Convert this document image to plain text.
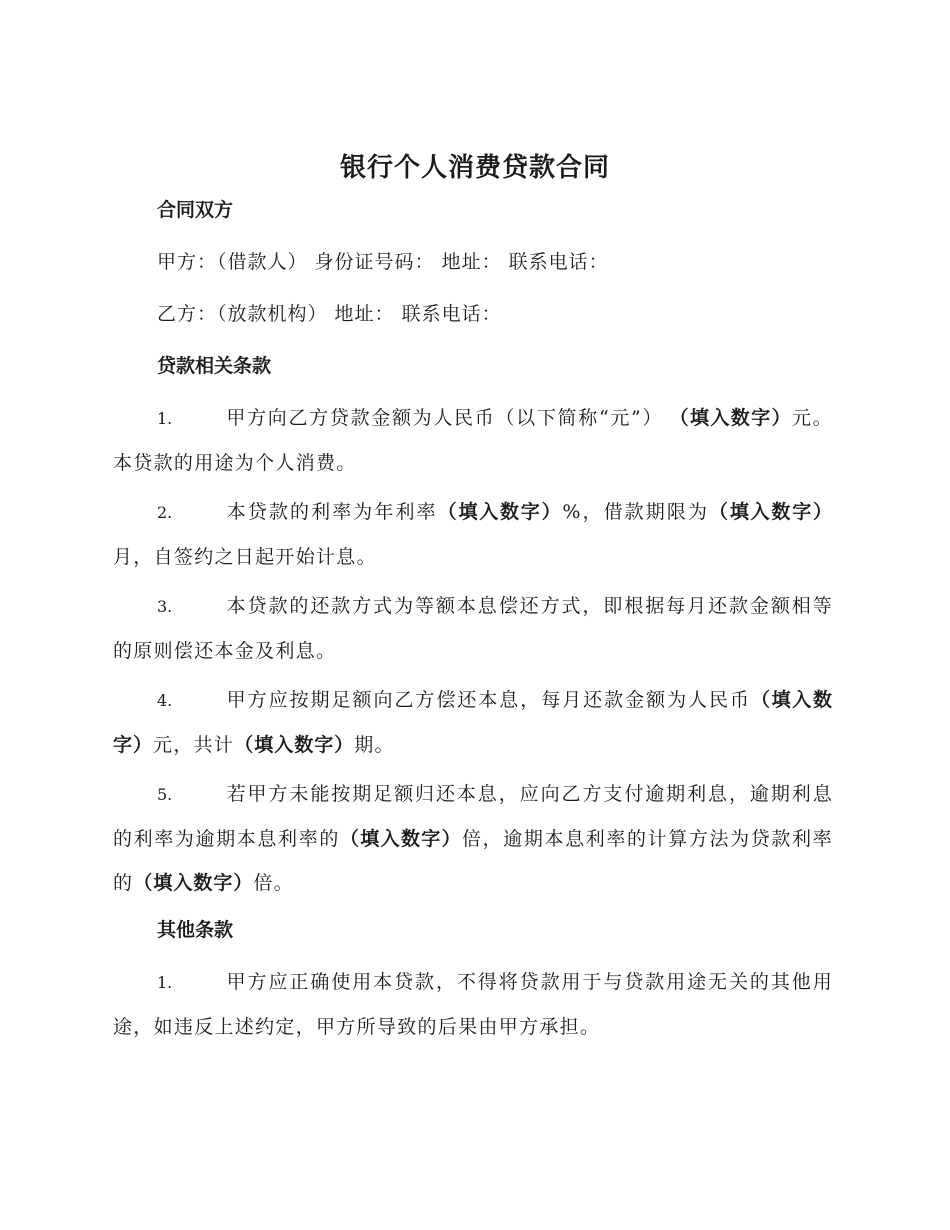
银行个人消费贷款合同
合同双方

甲方：（借款人） 身份证号码： 地址： 联系电话：

乙方：（放款机构） 地址： 联系电话：

贷款相关条款

1.	甲方向乙方贷款金额为人民币（以下简称“元”） （填入数字）元。本贷款的用途为个人消费。

2.	本贷款的利率为年利率（填入数字）%，借款期限为（填入数字）月，自签约之日起开始计息。

3.	本贷款的还款方式为等额本息偿还方式，即根据每月还款金额相等的原则偿还本金及利息。

4.	甲方应按期足额向乙方偿还本息，每月还款金额为人民币（填入数字）元，共计（填入数字）期。

5.	若甲方未能按期足额归还本息，应向乙方支付逾期利息，逾期利息的利率为逾期本息利率的（填入数字）倍，逾期本息利率的计算方法为贷款利率的（填入数字）倍。

其他条款

1.	甲方应正确使用本贷款，不得将贷款用于与贷款用途无关的其他用途，如违反上述约定，甲方所导致的后果由甲方承担。
